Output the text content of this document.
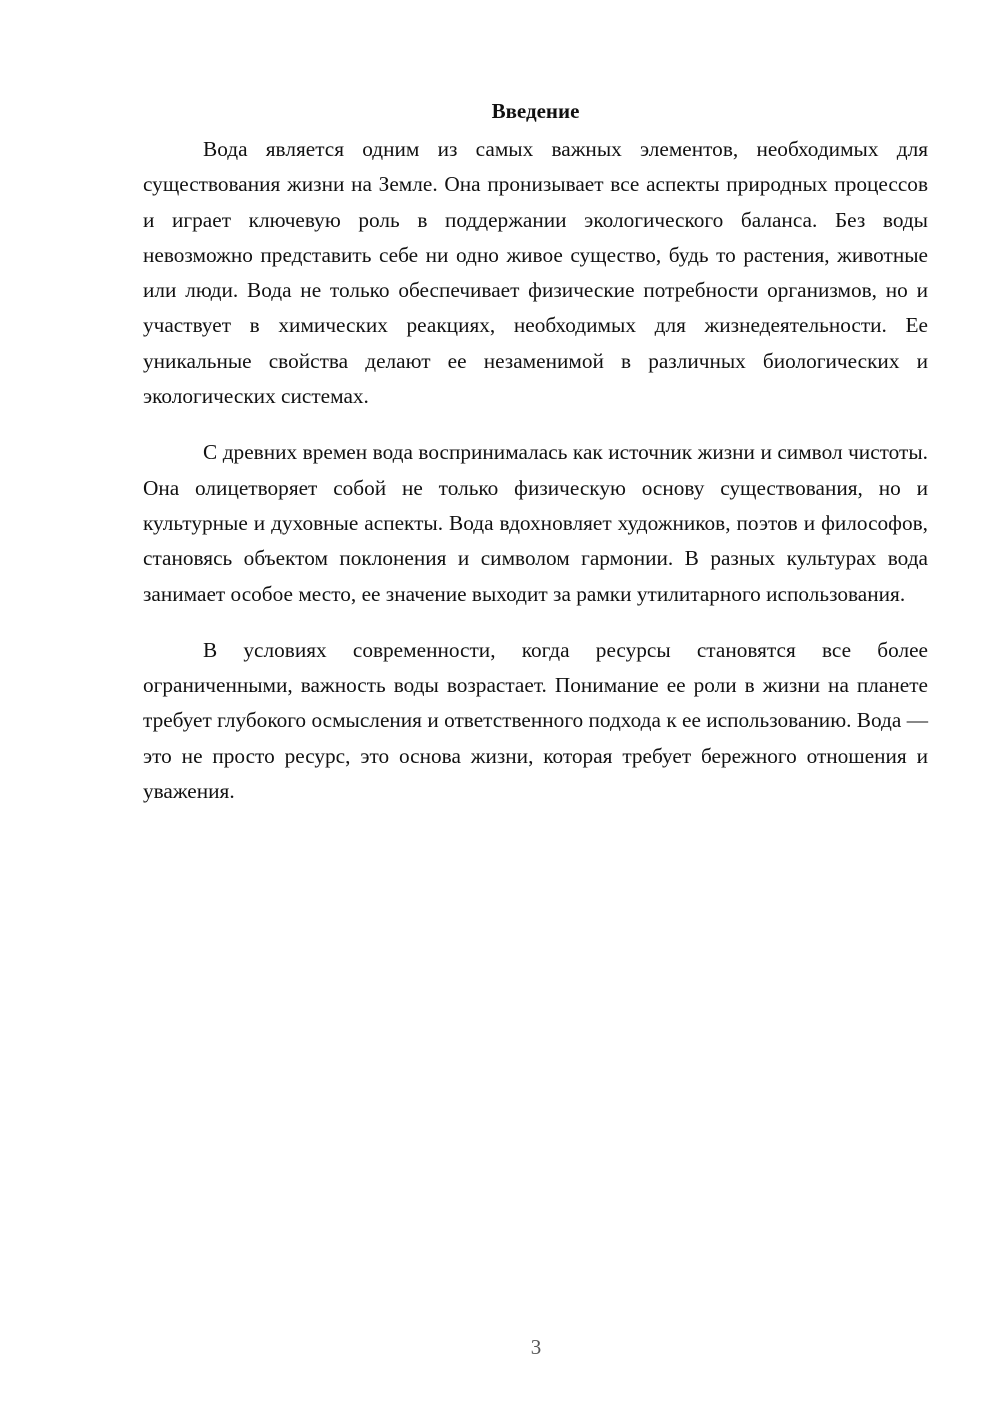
Введение

Вода является одним из самых важных элементов, необходимых для существования жизни на Земле. Она пронизывает все аспекты природных процессов и играет ключевую роль в поддержании экологического баланса. Без воды невозможно представить себе ни одно живое существо, будь то растения, животные или люди. Вода не только обеспечивает физические потребности организмов, но и участвует в химических реакциях, необходимых для жизнедеятельности. Ее уникальные свойства делают ее незаменимой в различных биологических и экологических системах.

С древних времен вода воспринималась как источник жизни и символ чистоты. Она олицетворяет собой не только физическую основу существования, но и культурные и духовные аспекты. Вода вдохновляет художников, поэтов и философов, становясь объектом поклонения и символом гармонии. В разных культурах вода занимает особое место, ее значение выходит за рамки утилитарного использования.

В условиях современности, когда ресурсы становятся все более ограниченными, важность воды возрастает. Понимание ее роли в жизни на планете требует глубокого осмысления и ответственного подхода к ее использованию. Вода — это не просто ресурс, это основа жизни, которая требует бережного отношения и уважения.

3
